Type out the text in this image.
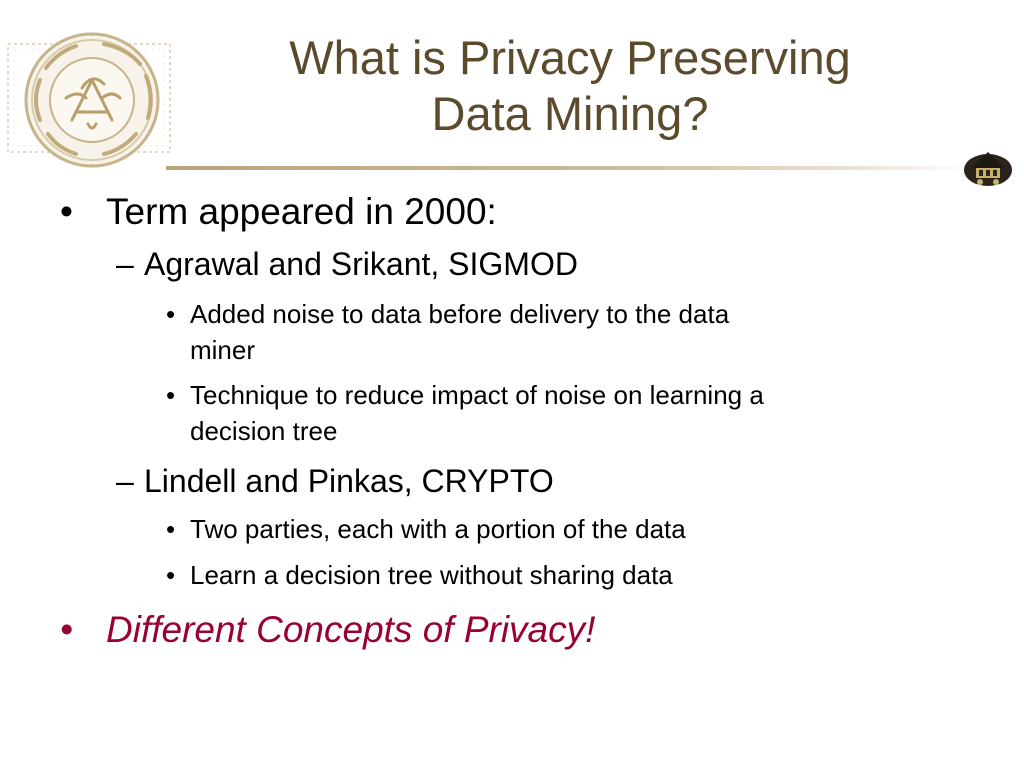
What is Privacy Preserving
Data Mining?
• Term appeared in 2000:
– Agrawal and Srikant, SIGMOD
• Added noise to data before delivery to the data
miner
• Technique to reduce impact of noise on learning a
decision tree
– Lindell and Pinkas, CRYPTO
• Two parties, each with a portion of the data
• Learn a decision tree without sharing data
• Different Concepts of Privacy!
